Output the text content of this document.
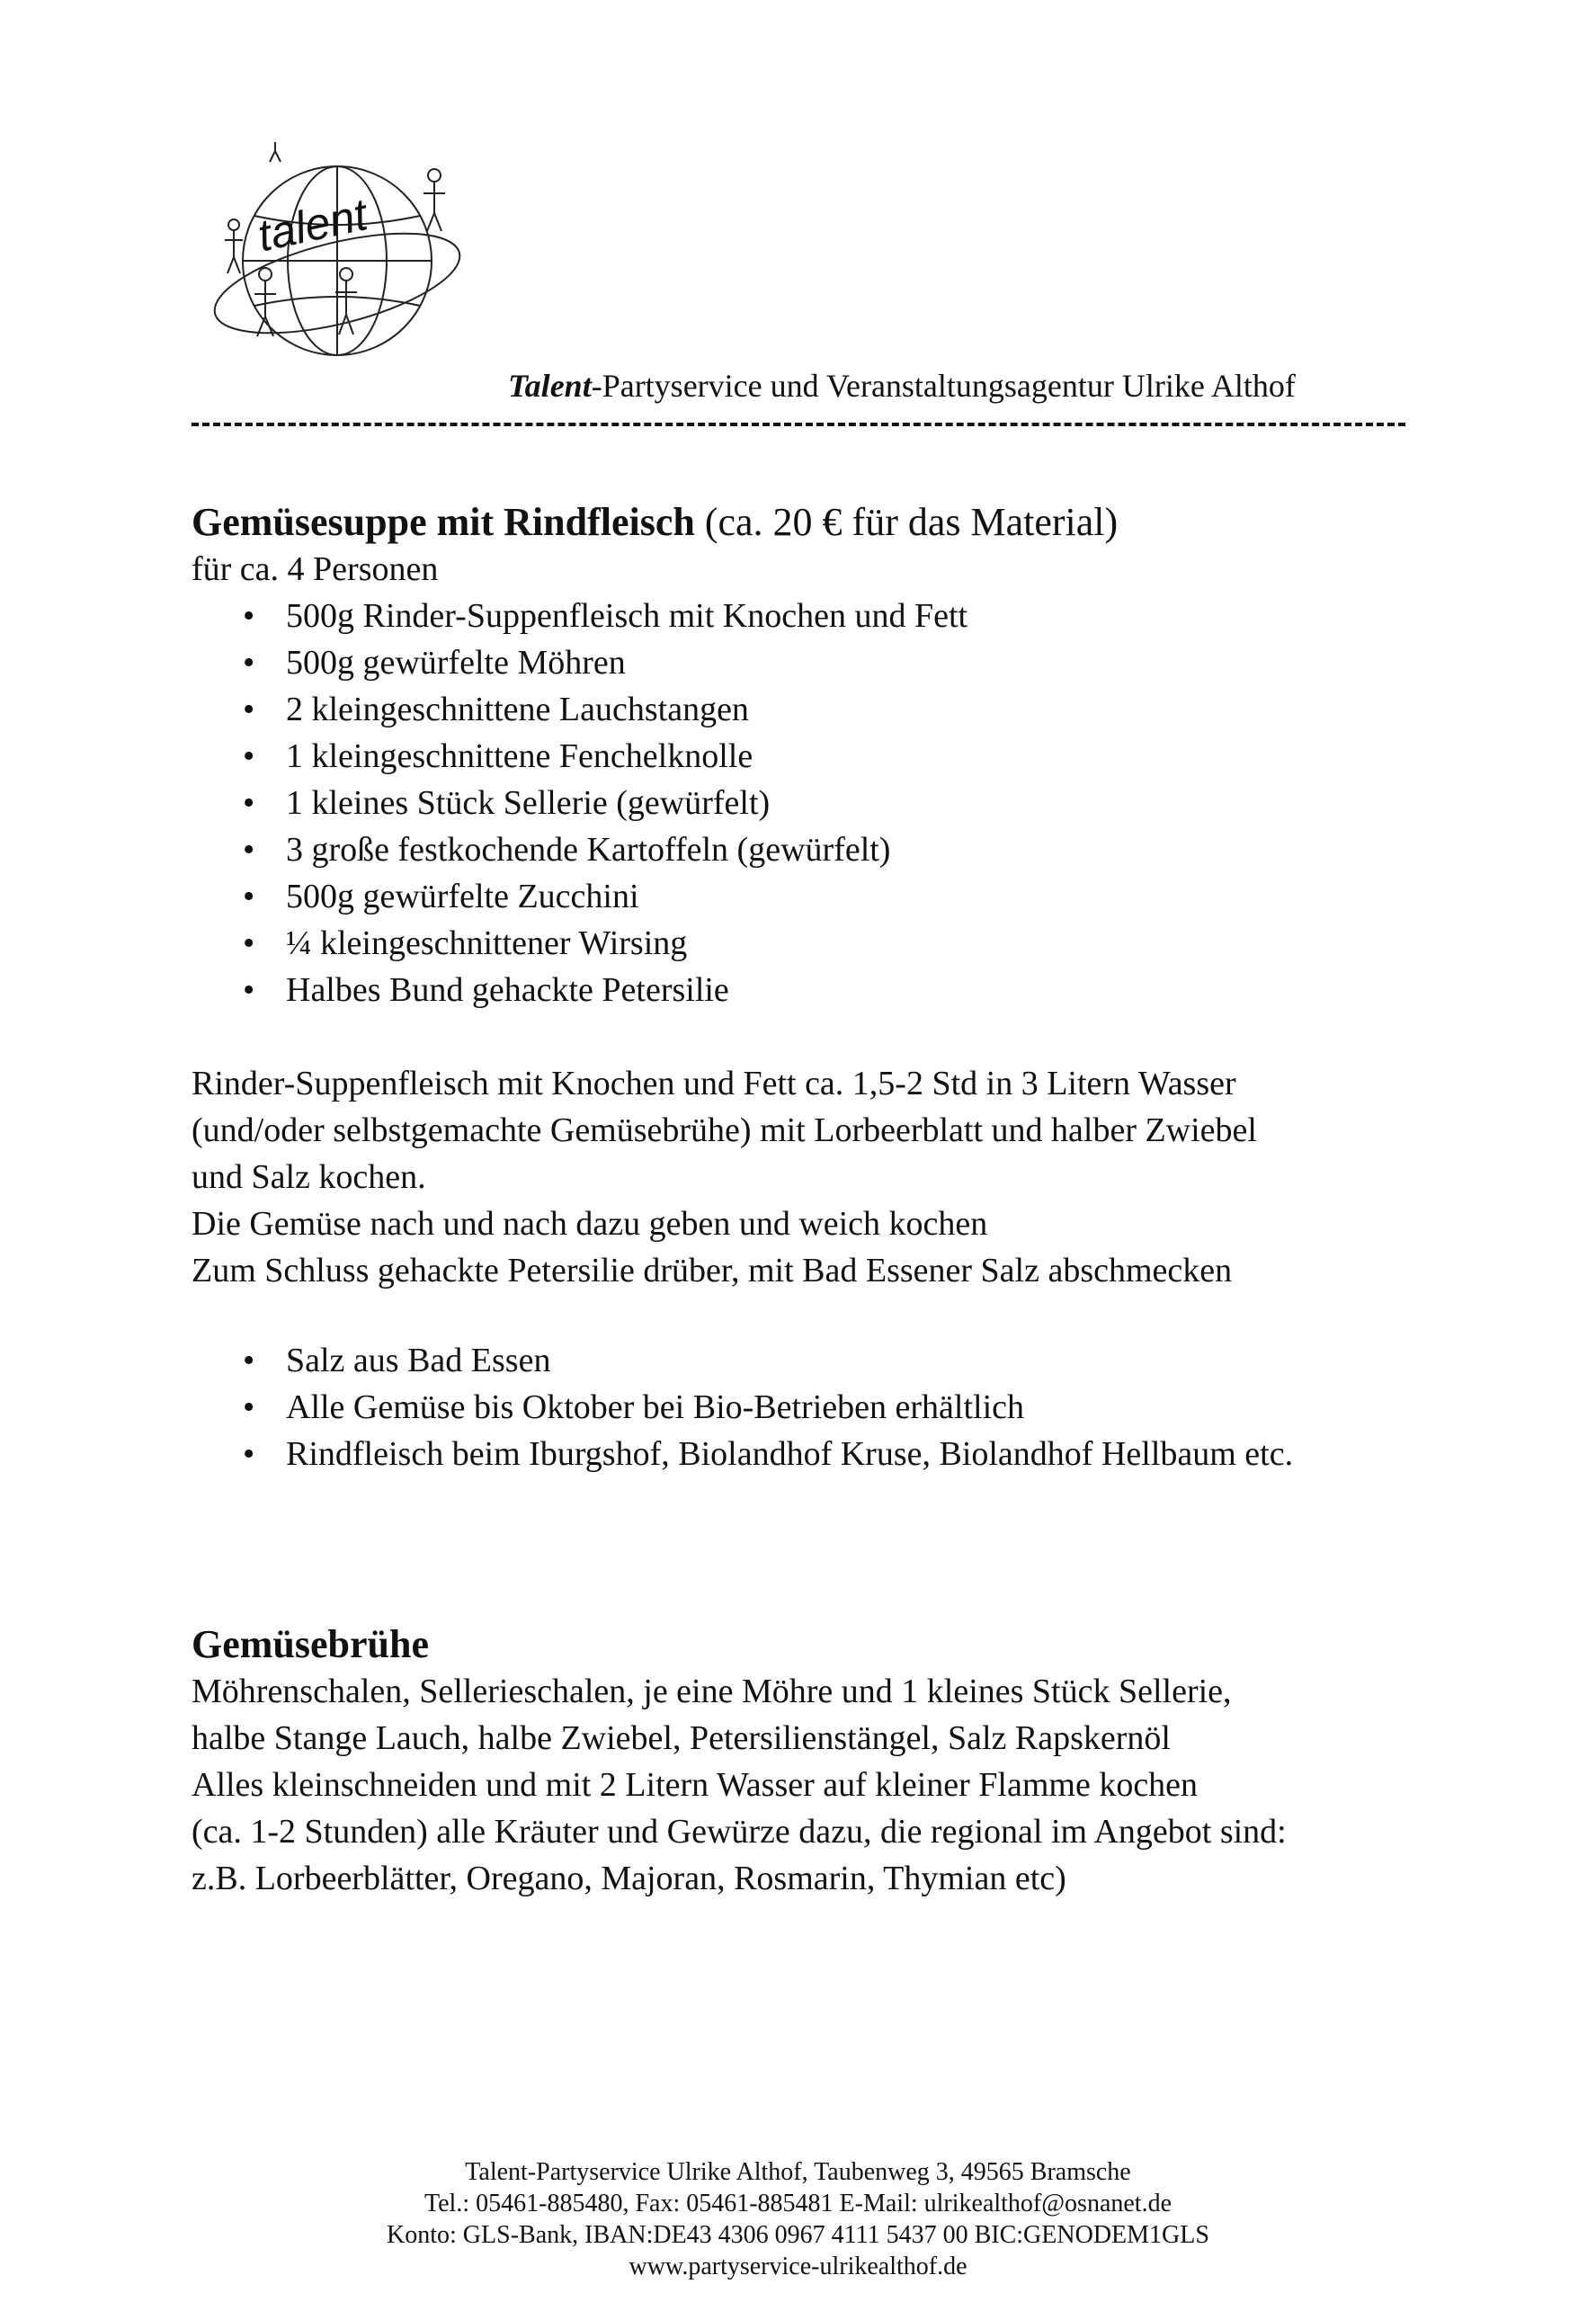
talent
Talent-Partyservice und Veranstaltungsagentur Ulrike Althof
Gemüsesuppe mit Rindfleisch (ca. 20 € für das Material)
für ca. 4 Personen
• 500g Rinder-Suppenfleisch mit Knochen und Fett
• 500g gewürfelte Möhren
• 2 kleingeschnittene Lauchstangen
• 1 kleingeschnittene Fenchelknolle
• 1 kleines Stück Sellerie (gewürfelt)
• 3 große festkochende Kartoffeln (gewürfelt)
• 500g gewürfelte Zucchini
• ¼ kleingeschnittener Wirsing
• Halbes Bund gehackte Petersilie
Rinder-Suppenfleisch mit Knochen und Fett ca. 1,5-2 Std in 3 Litern Wasser
(und/oder selbstgemachte Gemüsebrühe) mit Lorbeerblatt und halber Zwiebel
und Salz kochen.
Die Gemüse nach und nach dazu geben und weich kochen
Zum Schluss gehackte Petersilie drüber, mit Bad Essener Salz abschmecken
• Salz aus Bad Essen
• Alle Gemüse bis Oktober bei Bio-Betrieben erhältlich
• Rindfleisch beim Iburgshof, Biolandhof Kruse, Biolandhof Hellbaum etc.
Gemüsebrühe
Möhrenschalen, Sellerieschalen, je eine Möhre und 1 kleines Stück Sellerie,
halbe Stange Lauch, halbe Zwiebel, Petersilienstängel, Salz Rapskernöl
Alles kleinschneiden und mit 2 Litern Wasser auf kleiner Flamme kochen
(ca. 1-2 Stunden) alle Kräuter und Gewürze dazu, die regional im Angebot sind:
z.B. Lorbeerblätter, Oregano, Majoran, Rosmarin, Thymian etc)
Talent-Partyservice Ulrike Althof, Taubenweg 3, 49565 Bramsche
Tel.: 05461-885480, Fax: 05461-885481 E-Mail: ulrikealthof@osnanet.de
Konto: GLS-Bank, IBAN:DE43 4306 0967 4111 5437 00 BIC:GENODEM1GLS
www.partyservice-ulrikealthof.de
